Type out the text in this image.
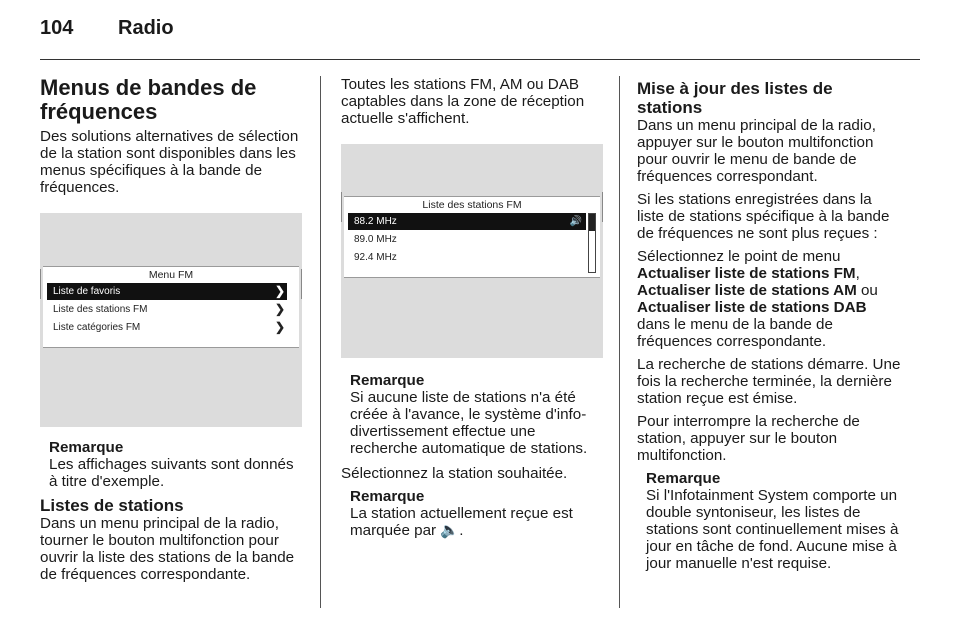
104 Radio
Menus de bandes de fréquences

Des solutions alternatives de sélection de la station sont disponibles dans les menus spécifiques à la bande de fréquences.

Menu FM
Liste de favoris	❯
Liste des stations FM	❯
Liste catégories FM	❯
Remarque

Les affichages suivants sont donnés à titre d'exemple.

Listes de stations

Dans un menu principal de la radio, tourner le bouton multifonction pour ouvrir la liste des stations de la bande de fréquences correspondante.

Toutes les stations FM, AM ou DAB captables dans la zone de réception actuelle s'affichent.

Liste des stations FM
88.2 MHz	🔊
89.0 MHz
92.4 MHz
Remarque

Si aucune liste de stations n'a été créée à l'avance, le système d'info-divertissement effectue une recherche automatique de stations.

Sélectionnez la station souhaitée.

Remarque

La station actuellement reçue est marquée par 🔈.

Mise à jour des listes de stations

Dans un menu principal de la radio, appuyer sur le bouton multifonction pour ouvrir le menu de bande de fréquences correspondant.

Si les stations enregistrées dans la liste de stations spécifique à la bande de fréquences ne sont plus reçues :

Sélectionnez le point de menu
Actualiser liste de stations FM,
Actualiser liste de stations AM ou
Actualiser liste de stations DAB dans le menu de la bande de fréquences correspondante.

La recherche de stations démarre. Une fois la recherche terminée, la dernière station reçue est émise.

Pour interrompre la recherche de station, appuyer sur le bouton multifonction.

Remarque

Si l'Infotainment System comporte un double syntoniseur, les listes de stations sont continuellement mises à jour en tâche de fond. Aucune mise à jour manuelle n'est requise.
